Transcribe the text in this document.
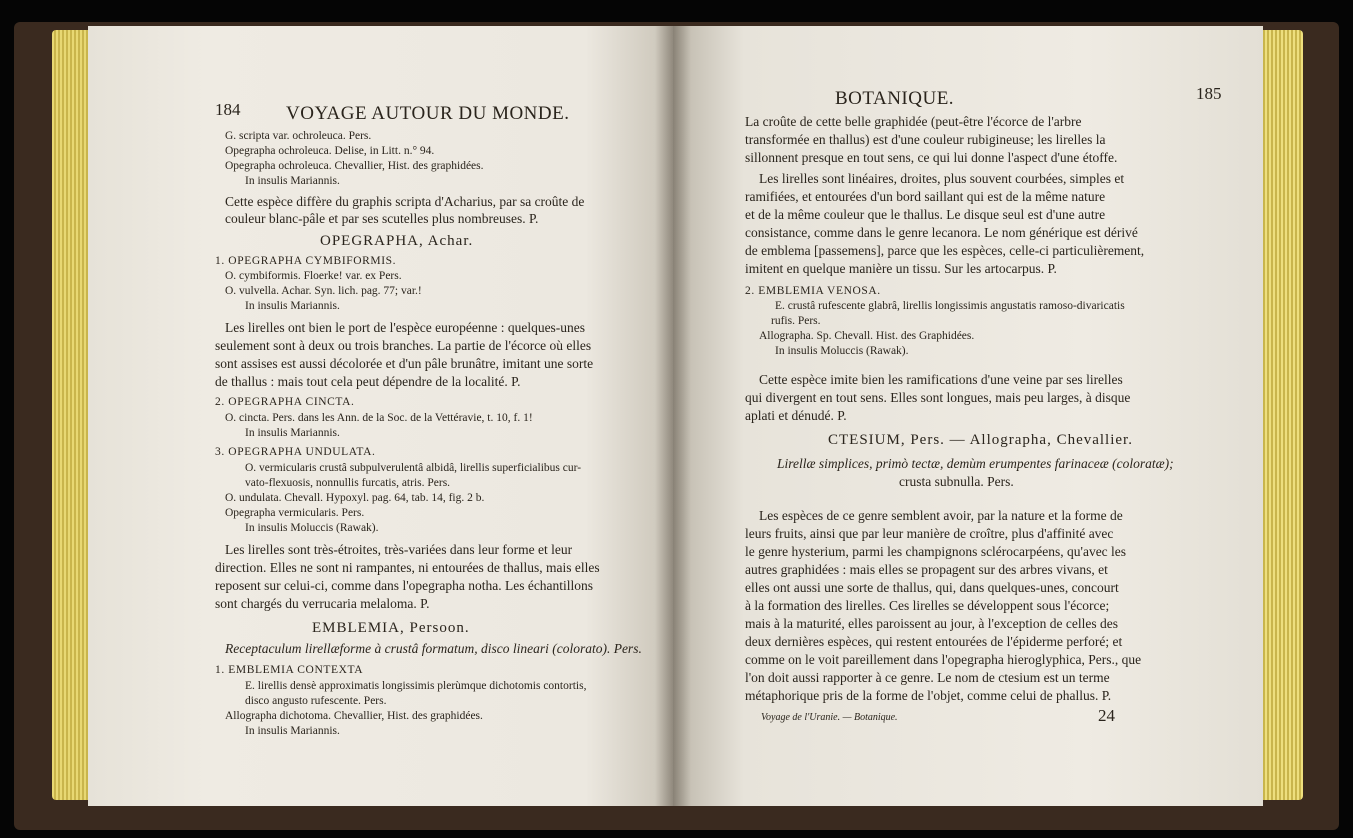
184 VOYAGE AUTOUR DU MONDE.
G. scripta var. ochroleuca. Pers.
Opegrapha ochroleuca. Delise, in Litt. n.° 94.
Opegrapha ochroleuca. Chevallier, Hist. des graphidées.
In insulis Mariannis.
Cette espèce diffère du graphis scripta d'Acharius, par sa croûte de
couleur blanc-pâle et par ses scutelles plus nombreuses. P.
OPEGRAPHA, Achar.
1. OPEGRAPHA CYMBIFORMIS.
O. cymbiformis. Floerke! var. ex Pers.
O. vulvella. Achar. Syn. lich. pag. 77; var.!
In insulis Mariannis.
Les lirelles ont bien le port de l'espèce européenne : quelques-unes
seulement sont à deux ou trois branches. La partie de l'écorce où elles
sont assises est aussi décolorée et d'un pâle brunâtre, imitant une sorte
de thallus : mais tout cela peut dépendre de la localité. P.
2. OPEGRAPHA CINCTA.
O. cincta. Pers. dans les Ann. de la Soc. de la Vettéravie, t. 10, f. 1!
In insulis Mariannis.
3. OPEGRAPHA UNDULATA.
O. vermicularis crustâ subpulverulentâ albidâ, lirellis superficialibus cur-
vato-flexuosis, nonnullis furcatis, atris. Pers.
O. undulata. Chevall. Hypoxyl. pag. 64, tab. 14, fig. 2 b.
Opegrapha vermicularis. Pers.
In insulis Moluccis (Rawak).
Les lirelles sont très-étroites, très-variées dans leur forme et leur
direction. Elles ne sont ni rampantes, ni entourées de thallus, mais elles
reposent sur celui-ci, comme dans l'opegrapha notha. Les échantillons
sont chargés du verrucaria melaloma. P.
EMBLEMIA, Persoon.
Receptaculum lirellæforme à crustâ formatum, disco lineari (colorato). Pers.
1. EMBLEMIA CONTEXTA
E. lirellis densè approximatis longissimis plerùmque dichotomis contortis,
disco angusto rufescente. Pers.
Allographa dichotoma. Chevallier, Hist. des graphidées.
In insulis Mariannis.
BOTANIQUE.	185
La croûte de cette belle graphidée (peut-être l'écorce de l'arbre
transformée en thallus) est d'une couleur rubigineuse; les lirelles la
sillonnent presque en tout sens, ce qui lui donne l'aspect d'une étoffe.
Les lirelles sont linéaires, droites, plus souvent courbées, simples et
ramifiées, et entourées d'un bord saillant qui est de la même nature
et de la même couleur que le thallus. Le disque seul est d'une autre
consistance, comme dans le genre lecanora. Le nom générique est dérivé
de emblema [passemens], parce que les espèces, celle-ci particulièrement,
imitent en quelque manière un tissu. Sur les artocarpus. P.
2. EMBLEMIA VENOSA.
E. crustâ rufescente glabrâ, lirellis longissimis angustatis ramoso-divaricatis
rufis. Pers.
Allographa. Sp. Chevall. Hist. des Graphidées.
In insulis Moluccis (Rawak).
Cette espèce imite bien les ramifications d'une veine par ses lirelles
qui divergent en tout sens. Elles sont longues, mais peu larges, à disque
aplati et dénudé. P.
CTESIUM, Pers. — Allographa, Chevallier.
Lirellæ simplices, primò tectæ, demùm erumpentes farinaceæ (coloratæ);
crusta subnulla. Pers.
Les espèces de ce genre semblent avoir, par la nature et la forme de
leurs fruits, ainsi que par leur manière de croître, plus d'affinité avec
le genre hysterium, parmi les champignons sclérocarpéens, qu'avec les
autres graphidées : mais elles se propagent sur des arbres vivans, et
elles ont aussi une sorte de thallus, qui, dans quelques-unes, concourt
à la formation des lirelles. Ces lirelles se développent sous l'écorce;
mais à la maturité, elles paroissent au jour, à l'exception de celles des
deux dernières espèces, qui restent entourées de l'épiderme perforé; et
comme on le voit pareillement dans l'opegrapha hieroglyphica, Pers., que
l'on doit aussi rapporter à ce genre. Le nom de ctesium est un terme
métaphorique pris de la forme de l'objet, comme celui de phallus. P.
Voyage de l'Uranie. — Botanique.	24
